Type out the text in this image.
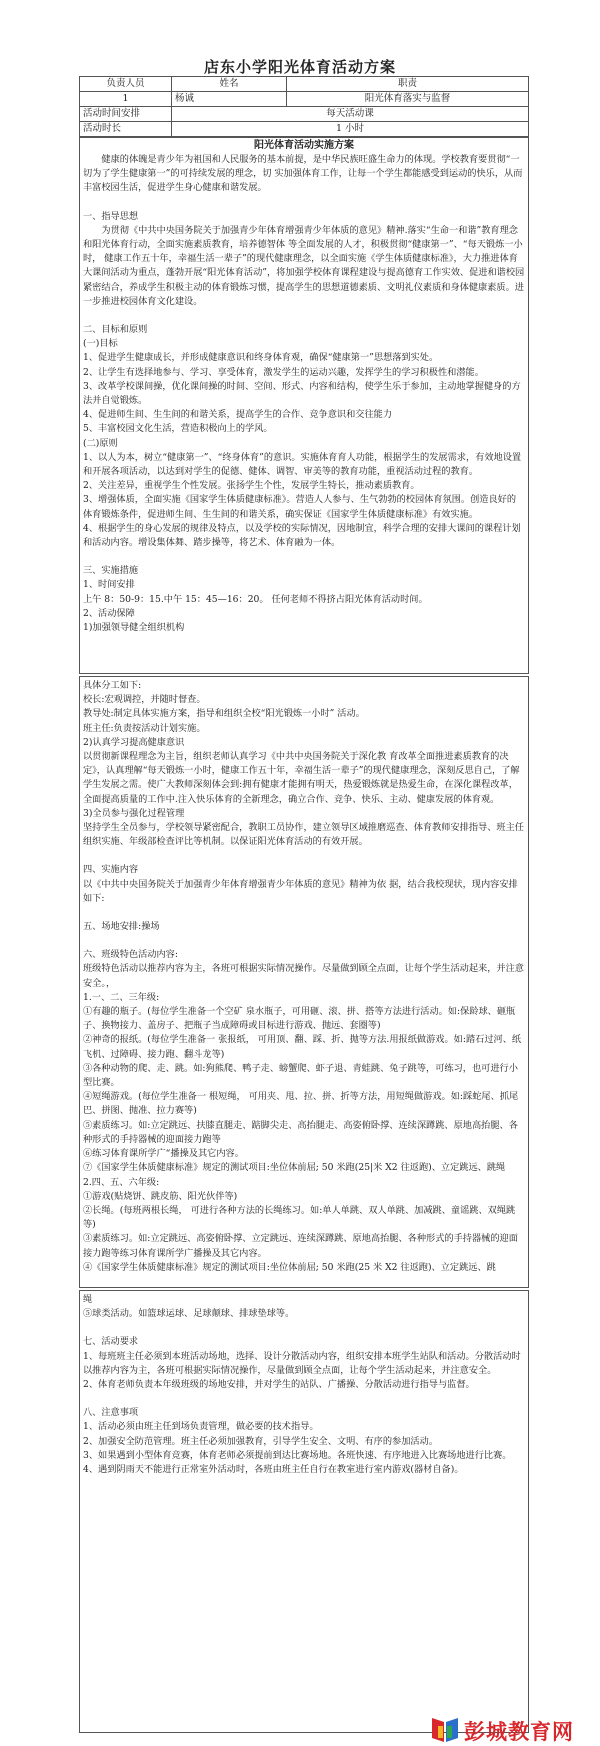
店东小学阳光体育活动方案
负责人员	姓名	职责
1	杨诚	阳光体育落实与监督
活动时间安排	每天活动课	
活动时长	1 小时	
阳光体育活动实施方案

健康的体魄是青少年为祖国和人民服务的基本前提，是中华民族旺盛生命力的体现。学校教育要贯彻“一切为了学生健康第一”的可持续发展的理念，切 实加强体育工作，让每一个学生都能感受到运动的快乐，从而丰富校园生活，促进学生身心健康和谐发展。

一、指导思想

为贯彻《中共中央国务院关于加强青少年体育增强青少年体质的意见》精神.落实“生命一和谐”教育理念和阳光体育行动，全面实施素质教育，培养德智体 等全面发展的人才，积极贯彻“健康第一”、“每天锻炼一小时， 健康工作五十年，幸福生活一辈子”的现代健康理念，以全面实施《学生体质健康标准》，大力推进体育大课间活动为重点，蓬勃开展“阳光体育活动”，将加强学校体育课程建设与提高德育工作实效、促进和谐校园紧密结合，养成学生积极主动的体育锻炼习惯，提高学生的思想道德素质、文明礼仪素质和身体健康素质。进一步推进校园体育文化建设。

二、目标和原则

(一)目标

1、促进学生健康成长，并形成健康意识和终身体育观，确保“健康第一”思想落到实处。

2、让学生有选择地参与、学习、享受体育，激发学生的运动兴趣，发挥学生的学习积极性和潜能。

3、改革学校课间操，优化课间操的时间、空间、形式、内容和结构，使学生乐于参加，主动地掌握健身的方法并自觉锻炼。

4、促进师生间、生生间的和谐关系，提高学生的合作、竞争意识和交往能力

5、丰富校园文化生活，营造积极向上的学风。

(二)原则

1、以人为本，树立“健康第一”、“终身体育”的意识。实施体育育人功能，根据学生的发展需求，有效地设置和开展各项活动，以达到对学生的促德、健体、调智、审美等的教育功能，重视活动过程的教育。

2、关注差异，重视学生个性发展。张扬学生个性，发展学生特长，推动素质教育。

3、增强体质，全面实施《国家学生体质健康标准》。营造人人参与、生气勃勃的校园体育氛围。创造良好的体育锻炼条件，促进师生间、生生间的和谐关系，确实保证《国家学生体质健康标准》有效实施。

4、根据学生的身心发展的规律及特点，以及学校的实际情况，因地制宜，科学合理的安排大课间的课程计划和活动内容。增设集体舞、踏步操等，将艺术、体育融为一体。

三、实施措施

1、时间安排

上午 8：50-9：15.中午 15：45—16：20。 任何老师不得挤占阳光体育活动时间。

2、活动保障

1)加强领导健全组织机构

具体分工如下:

校长:宏观调控，并随时督查。

教导处:制定具体实施方案，指导和组织全校“阳光锻炼一小时” 活动。

班主任:负责按活动计划实施。

2)认真学习提高健康意识

以贯彻新课程理念为主旨，组织老师认真学习《中共中央国务院关于深化教 育改革全面推进素质教育的决定》，认真理解“每天锻炼一小时，健康工作五十年，幸福生活一辈子”的现代健康理念，深刻反思自己，了解学生发展之需。使广大教师深刻体会到:拥有健康才能拥有明天，热爱锻炼就是热爱生命，在深化课程改革，全面提高质量的工作中.注入快乐体育的全新理念，确立合作、竞争、快乐、主动、健康发展的体育观。

3)全员参与强化过程管理

坚持学生全员参与，学校领导紧密配合，教职工员协作，建立领导区域推磨巡查、体育教师安排指导、班主任组织实施、年级部检查评比等机制。以保证阳光体育活动的有效开展。

四、实施内容

以《中共中央国务院关于加强青少年体育增强青少年体质的意见》精神为依 据，结合我校现状，现内容安排如下:

五、场地安排:操场

六、班级特色活动内容:

班级特色活动以推荐内容为主，各班可根据实际情况操作。尽量做到顾全点面，让每个学生活动起来，并注意安全。，

1.一、二、三年级:

①有趣的瓶子。(每位学生准备一个空矿 泉水瓶子，可用砸、滚、拼、搭等方法进行活动。如:保龄球、砸瓶子、换物接力、盖房子、把瓶子当成障碍或目标进行游戏、抛远、套圈等)

②神奇的报纸。(每位学生准备一 张报纸， 可用顶、翻、踩、折、抛等方法.用报纸做游戏。如:踏石过河、纸飞机、过障碍、接力跑、翻斗龙等)

③各种动物的爬、走、跳。如:狗熊爬、鸭子走、螃蟹爬、虾子退、青蛙跳、兔子跳等，可练习，也可进行小型比赛。

④短绳游戏。(每位学生准备一 根短绳， 可用夹、甩、拉、拼、折等方法，用短绳做游戏。如:踩蛇尾、抓尾巴、拼图、抛准、拉力赛等)

⑤素质练习。如:立定跳远、扶膝直腿走、踮脚尖走、高抬腿走、高姿俯卧撑、连续深蹲跳、原地高抬腿、各种形式的手持器械的迎面接力跑等

⑥练习体育课所学广“播操及其它内容。

⑦《国家学生体质健康标准》规定的测试项目:坐位体前屈; 50 米跑(25|米 X2 往返跑)、立定跳远、跳绳

2.四、五、六年级:

①游戏(贴烧饼、跳皮筋、阳光伙伴等)

②长绳。(每班两根长绳， 可进行各种方法的长绳练习。如:单人单跳、双人单跳、加减跳、童谣跳、双绳跳等)

③素质练习。如:立定跳远、高姿俯卧撑、立定跳远、连续深蹲跳、原地高抬腿、各种形式的手持器械的迎面接力跑等练习体育课所学广播操及其它内容。

④《国家学生体质健康标准》规定的测试项目:坐位体前屈; 50 米跑(25 米 X2 往返跑)、立定跳远、跳

绳

⑤球类活动。如篮球运球、足球颠球、排球垫球等。

七、活动要求

1、每班班主任必须到本班活动场地，选择、设计分散活动内容，组织安排本班学生站队和活动。分散活动时以推荐内容为主，各班可根据实际情况操作，尽量做到顾全点面，让每个学生活动起来，并注意安全。

2、体育老师负责本年级班级的场地安排，并对学生的站队、广播操、分散活动进行指导与监督。

八、注意事项

1、活动必须由班主任到场负责管理，做必要的技术指导。

2、加强安全防范管理。班主任必须加强教育，引导学生安全、文明、有序的参加活动。

3、如果遇到小型体育竞赛，体育老师必须提前到达比赛场地。各班快速、有序地进入比赛场地进行比赛。

4、遇到阴雨天不能进行正常室外活动时，各班由班主任自行在教室进行室内游戏(器材自备)。

彭城教育网
